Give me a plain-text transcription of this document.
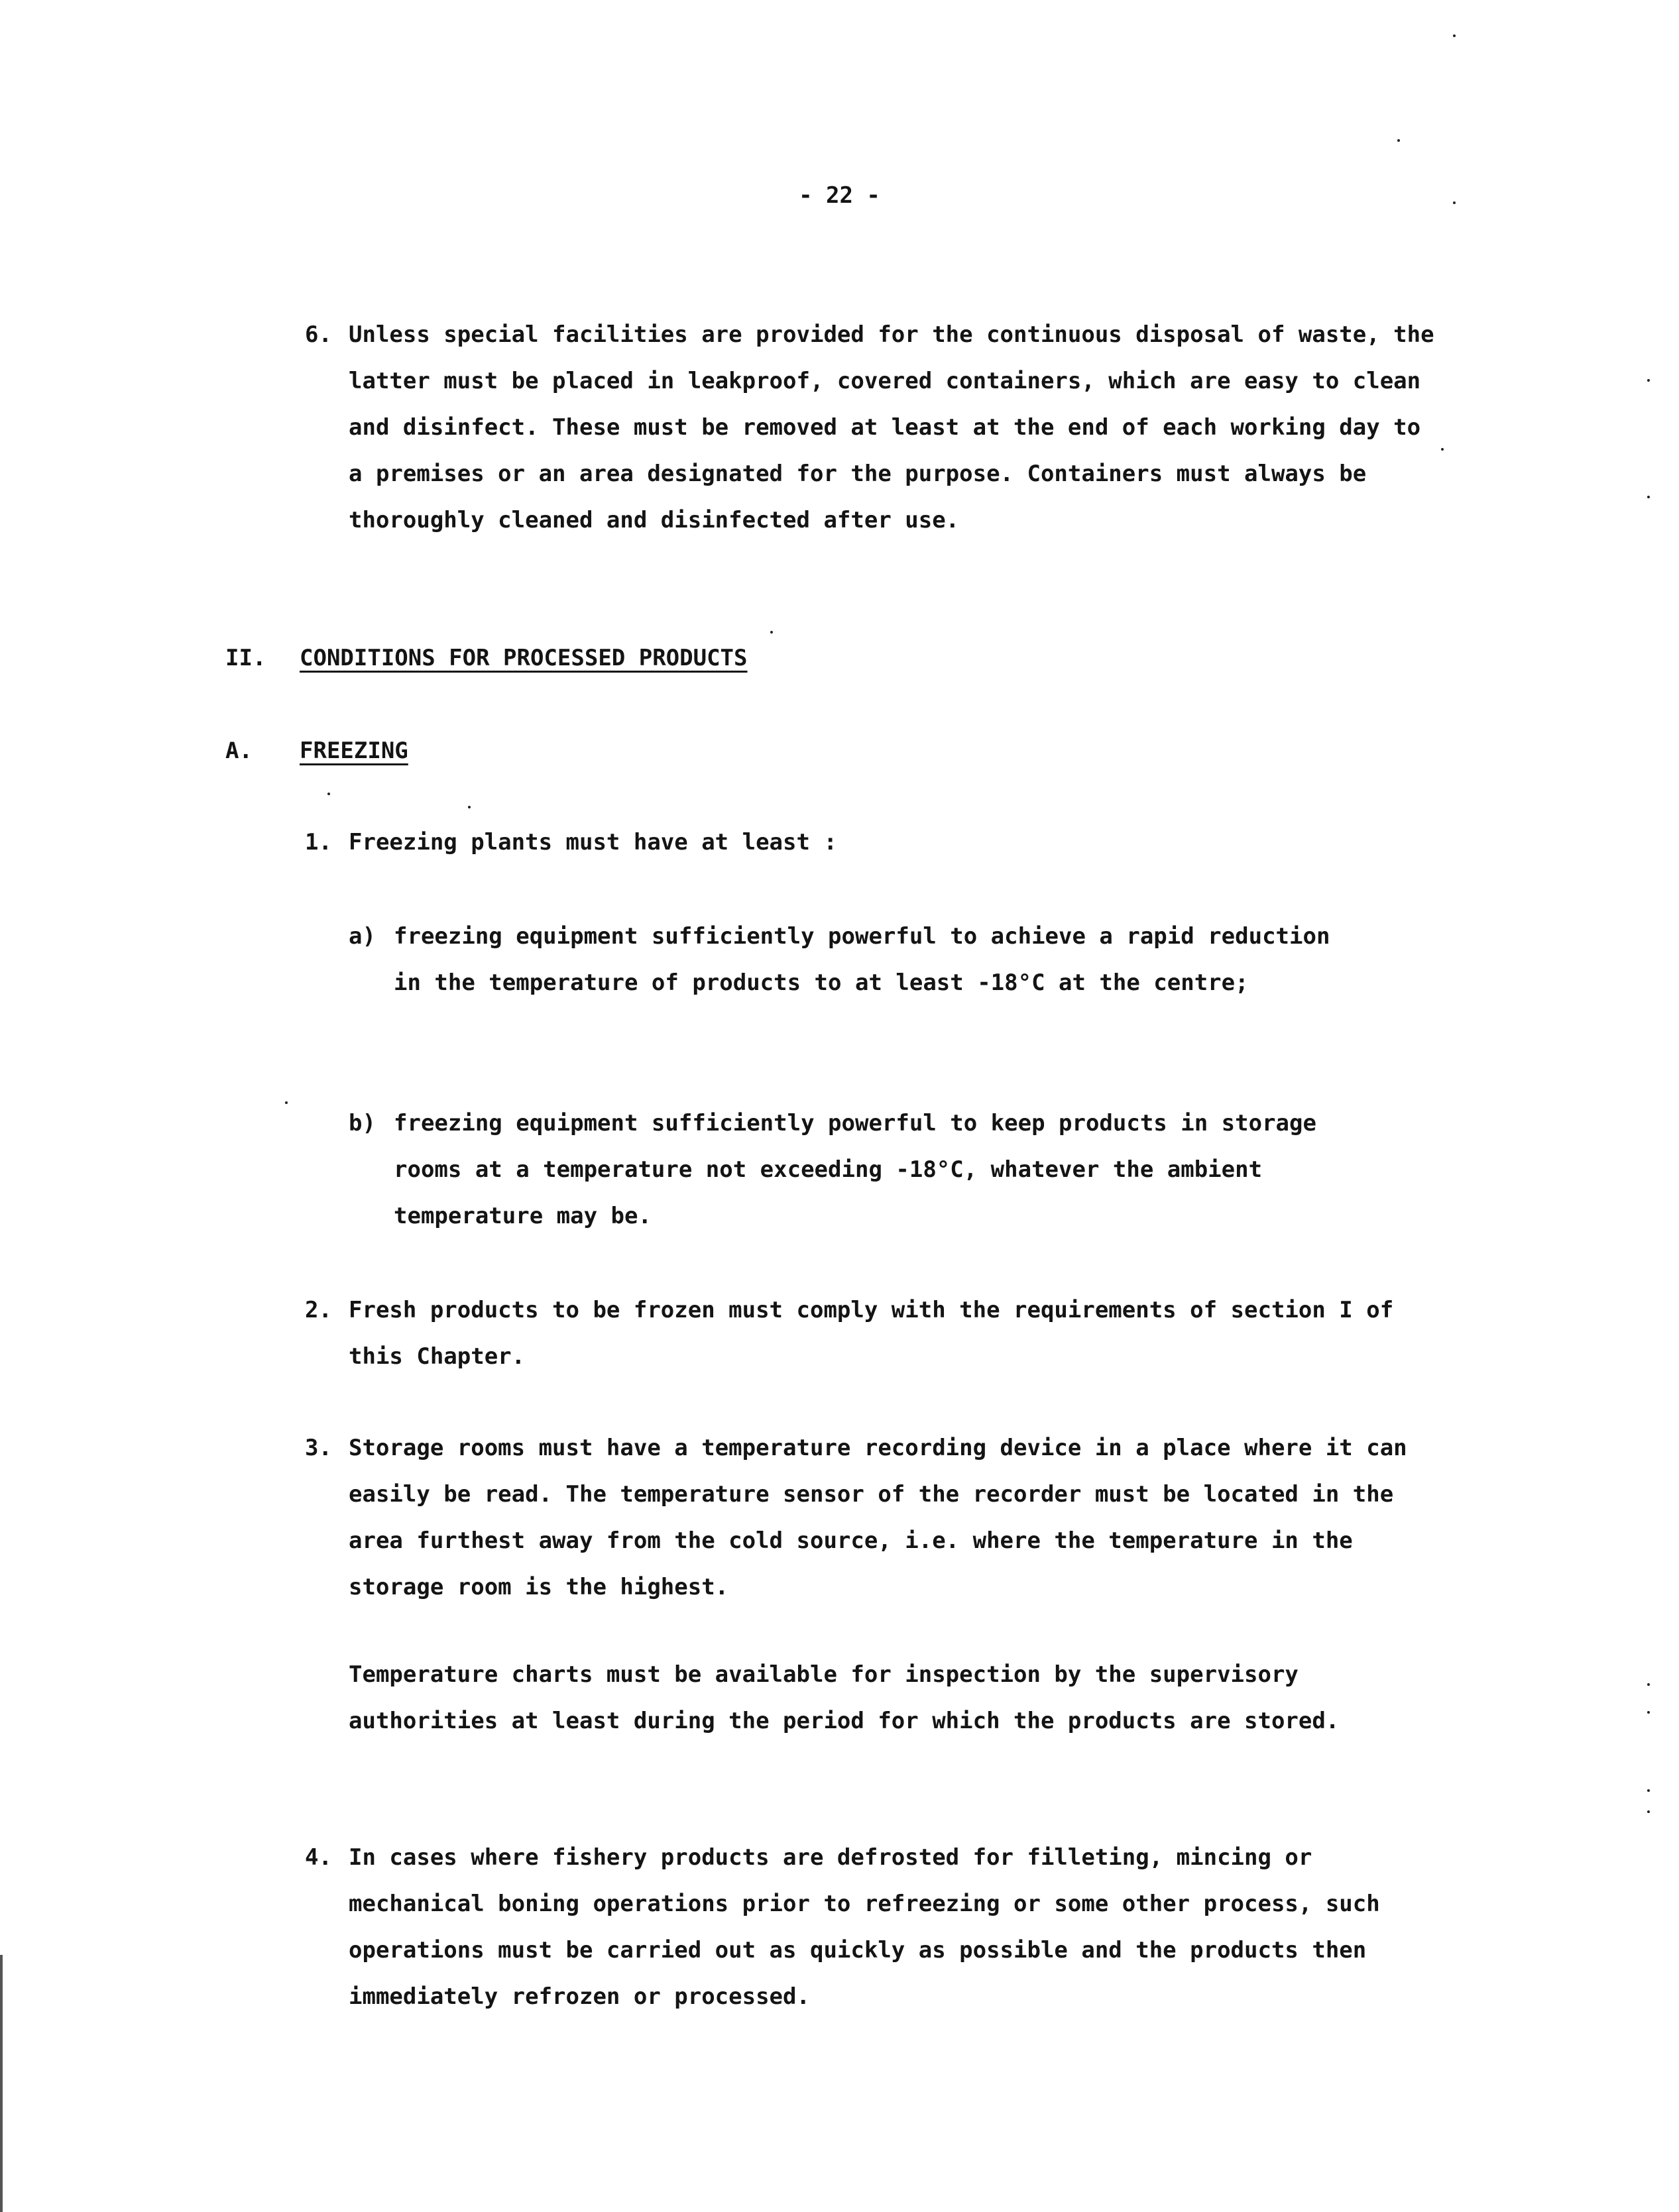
- 22 -
6. Unless special facilities are provided for the continuous disposal of waste, the latter must be placed in leakproof, covered containers, which are easy to clean and disinfect. These must be removed at least at the end of each working day to a premises or an area designated for the purpose. Containers must always be thoroughly cleaned and disinfected after use.
II.	CONDITIONS FOR PROCESSED PRODUCTS
A.	FREEZING
1. Freezing plants must have at least :
a) freezing equipment sufficiently powerful to achieve a rapid reduction in the temperature of products to at least -18°C at the centre;
b) freezing equipment sufficiently powerful to keep products in storage rooms at a temperature not exceeding -18°C, whatever the ambient temperature may be.
2. Fresh products to be frozen must comply with the requirements of section I of this Chapter.
3. Storage rooms must have a temperature recording device in a place where it can easily be read. The temperature sensor of the recorder must be located in the area furthest away from the cold source, i.e. where the temperature in the storage room is the highest.
Temperature charts must be available for inspection by the supervisory authorities at least during the period for which the products are stored.
4. In cases where fishery products are defrosted for filleting, mincing or mechanical boning operations prior to refreezing or some other process, such operations must be carried out as quickly as possible and the products then immediately refrozen or processed.
